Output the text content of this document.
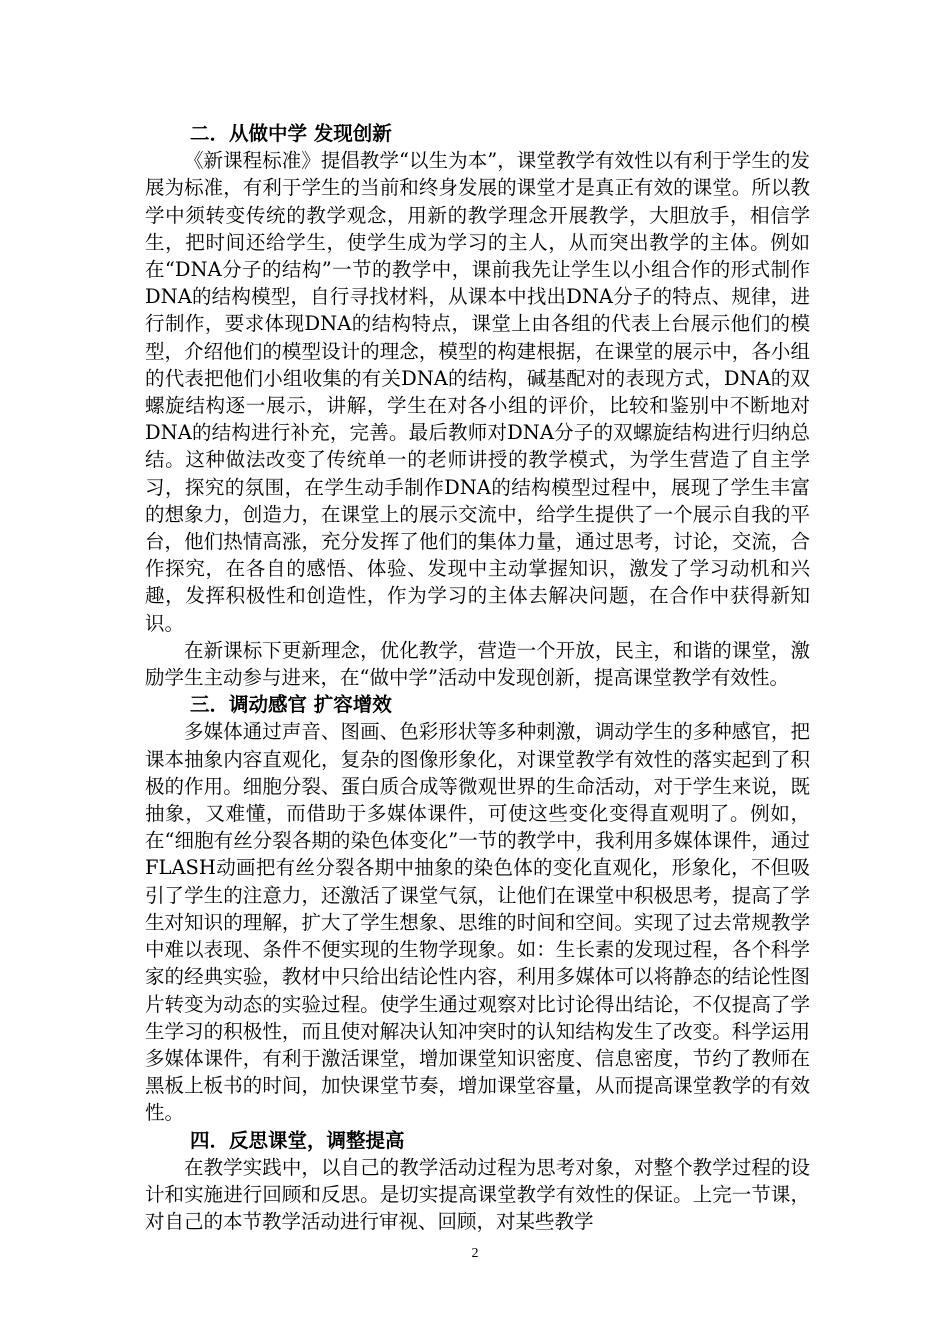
二．从做中学 发现创新

《新课程标准》提倡教学“以生为本”，课堂教学有效性以有利于学生的发展为标准，有利于学生的当前和终身发展的课堂才是真正有效的课堂。所以教学中须转变传统的教学观念，用新的教学理念开展教学，大胆放手，相信学生，把时间还给学生，使学生成为学习的主人，从而突出教学的主体。例如在“DNA分子的结构”一节的教学中，课前我先让学生以小组合作的形式制作DNA的结构模型，自行寻找材料，从课本中找出DNA分子的特点、规律，进行制作，要求体现DNA的结构特点，课堂上由各组的代表上台展示他们的模型，介绍他们的模型设计的理念，模型的构建根据，在课堂的展示中，各小组的代表把他们小组收集的有关DNA的结构，碱基配对的表现方式，DNA的双螺旋结构逐一展示，讲解，学生在对各小组的评价，比较和鉴别中不断地对DNA的结构进行补充，完善。最后教师对DNA分子的双螺旋结构进行归纳总结。这种做法改变了传统单一的老师讲授的教学模式，为学生营造了自主学习，探究的氛围，在学生动手制作DNA的结构模型过程中，展现了学生丰富的想象力，创造力，在课堂上的展示交流中，给学生提供了一个展示自我的平台，他们热情高涨，充分发挥了他们的集体力量，通过思考，讨论，交流，合作探究，在各自的感悟、体验、发现中主动掌握知识，激发了学习动机和兴趣，发挥积极性和创造性，作为学习的主体去解决问题，在合作中获得新知识。

在新课标下更新理念，优化教学，营造一个开放，民主，和谐的课堂，激励学生主动参与进来，在“做中学”活动中发现创新，提高课堂教学有效性。

三．调动感官 扩容增效

多媒体通过声音、图画、色彩形状等多种刺激，调动学生的多种感官，把课本抽象内容直观化，复杂的图像形象化，对课堂教学有效性的落实起到了积极的作用。细胞分裂、蛋白质合成等微观世界的生命活动，对于学生来说，既抽象，又难懂，而借助于多媒体课件，可使这些变化变得直观明了。例如，在“细胞有丝分裂各期的染色体变化”一节的教学中，我利用多媒体课件，通过FLASH动画把有丝分裂各期中抽象的染色体的变化直观化，形象化，不但吸引了学生的注意力，还激活了课堂气氛，让他们在课堂中积极思考，提高了学生对知识的理解，扩大了学生想象、思维的时间和空间。实现了过去常规教学中难以表现、条件不便实现的生物学现象。如：生长素的发现过程，各个科学家的经典实验，教材中只给出结论性内容，利用多媒体可以将静态的结论性图片转变为动态的实验过程。使学生通过观察对比讨论得出结论，不仅提高了学生学习的积极性，而且使对解决认知冲突时的认知结构发生了改变。科学运用多媒体课件，有利于激活课堂，增加课堂知识密度、信息密度，节约了教师在黑板上板书的时间，加快课堂节奏，增加课堂容量，从而提高课堂教学的有效性。

四．反思课堂，调整提高

在教学实践中，以自己的教学活动过程为思考对象，对整个教学过程的设计和实施进行回顾和反思。是切实提高课堂教学有效性的保证。上完一节课，对自己的本节教学活动进行审视、回顾，对某些教学

2
